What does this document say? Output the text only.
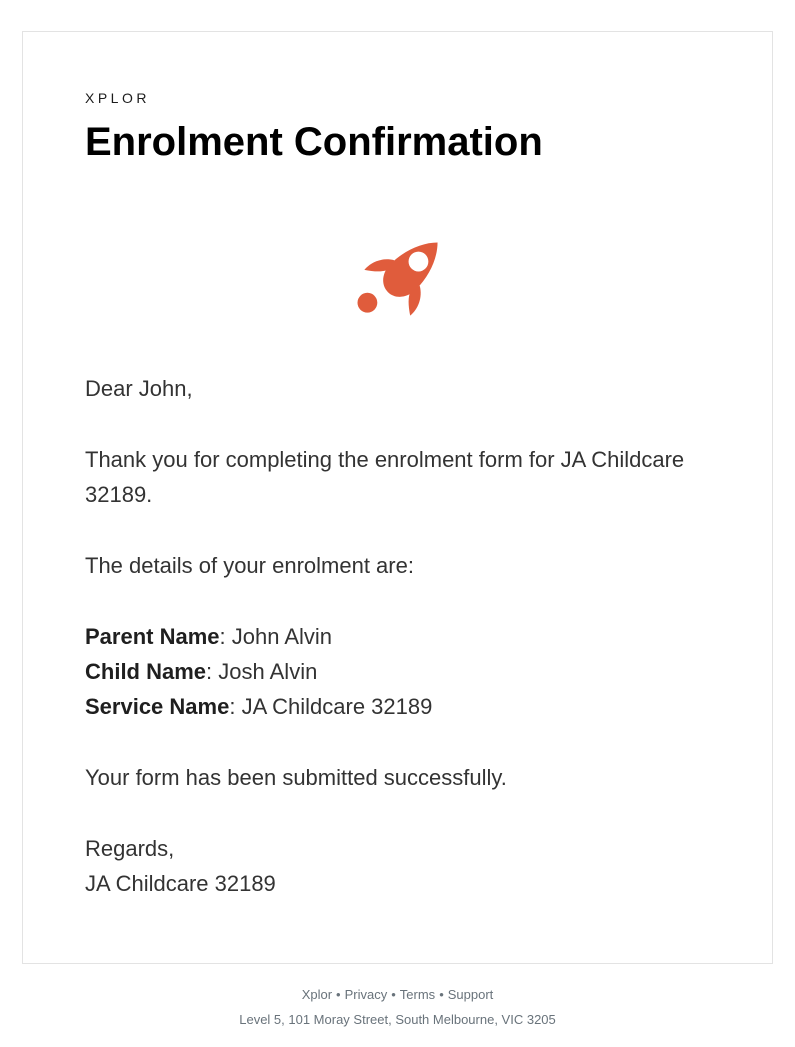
XPLOR
Enrolment Confirmation

Dear John,

Thank you for completing the enrolment form for JA Childcare 32189.

The details of your enrolment are:

Parent Name: John Alvin

Child Name: Josh Alvin

Service Name: JA Childcare 32189

Your form has been submitted successfully.

Regards,
JA Childcare 32189

Xplor • Privacy • Terms • Support
Level 5, 101 Moray Street, South Melbourne, VIC 3205
